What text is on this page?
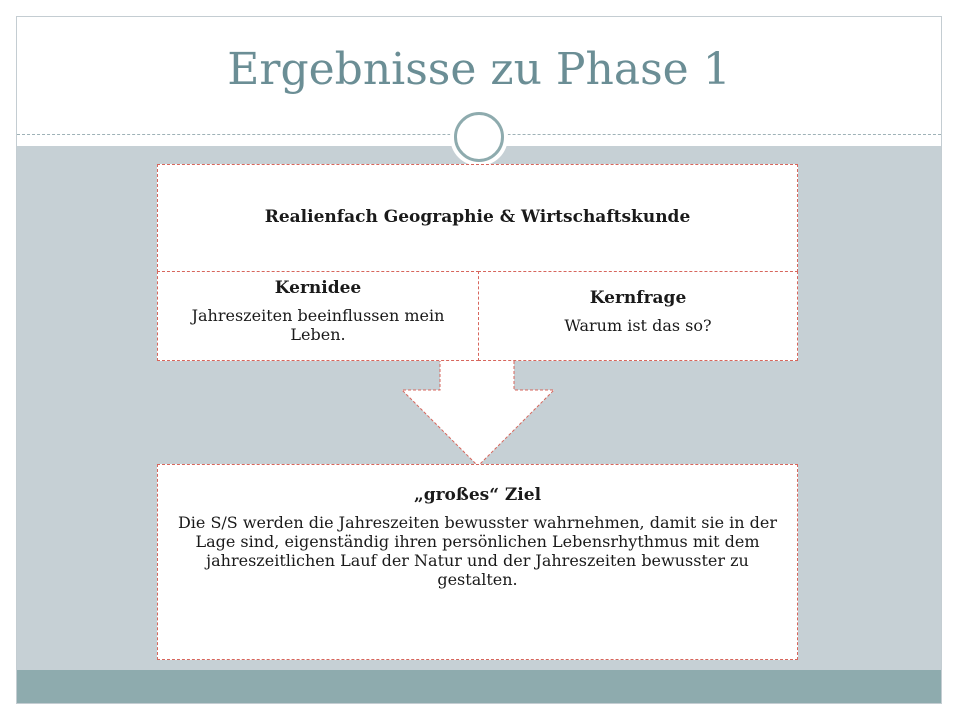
Ergebnisse zu Phase 1
Realienfach Geographie & Wirtschaftskunde
Kernidee
Jahreszeiten beeinflussen mein Leben.
Kernfrage
Warum ist das so?
„großes“ Ziel
Die S/S werden die Jahreszeiten bewusster wahrnehmen, damit sie in der Lage sind, eigenständig ihren persönlichen Lebensrhythmus mit dem jahreszeitlichen Lauf der Natur und der Jahreszeiten bewusster zu gestalten.
